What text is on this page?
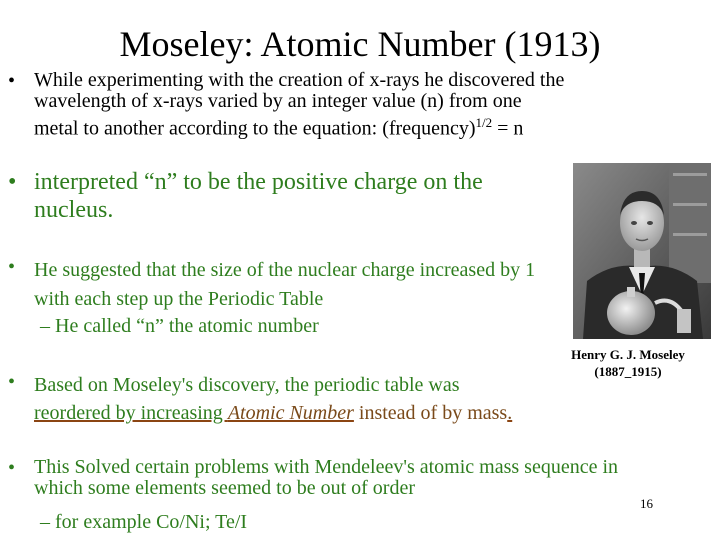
Moseley: Atomic Number (1913)
• While experimenting with the creation of x-rays he discovered the wavelength of x-rays varied by an integer value (n) from one metal to another according to the equation: (frequency)$^{1/2}$ = n
• interpreted “n” to be the positive charge on the nucleus.
• He suggested that the size of the nuclear charge increased by 1 with each step up the Periodic Table
– He called “n” the atomic number
Henry G. J. Moseley
(1887_1915)
• Based on Moseley's discovery, the periodic table was
reordered by increasing Atomic Number instead of by mass.
• This Solved certain problems with Mendeleev's atomic mass sequence in which some elements seemed to be out of order
– for example Co/Ni; Te/I
16
